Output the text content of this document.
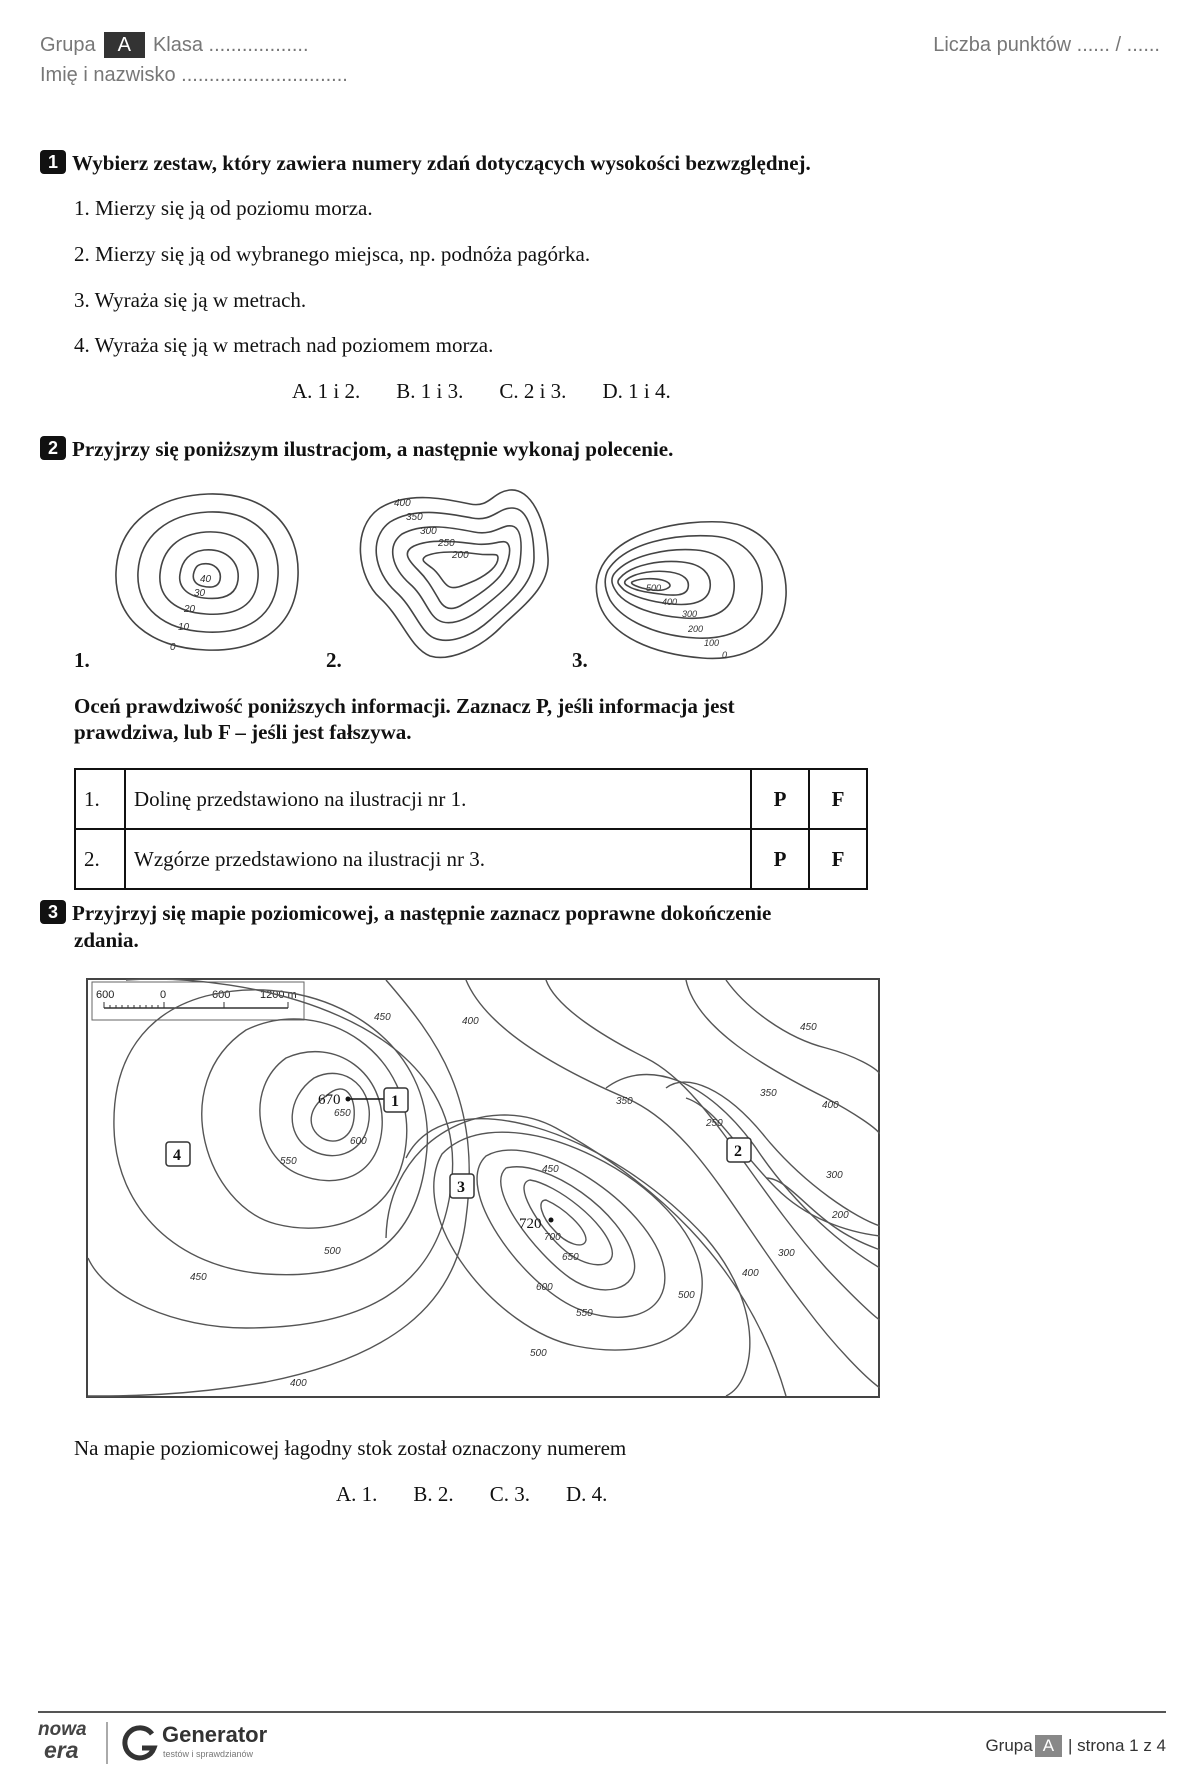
Grupa A Klasa ..................
Imię i nazwisko ..............................
Liczba punktów ...... / ......
1 Wybierz zestaw, który zawiera numery zdań dotyczących wysokości bezwzględnej.
1. Mierzy się ją od poziomu morza.
2. Mierzy się ją od wybranego miejsca, np. podnóża pagórka.
3. Wyraża się ją w metrach.
4. Wyraża się ją w metrach nad poziomem morza.
A. 1 i 2. B. 1 i 3. C. 2 i 3. D. 1 i 4.
2 Przyjrzy się poniższym ilustracjom, a następnie wykonaj polecenie.
40
30
20
10
0
400
350
300
250
200
500
400
300
200
100
0
1.	2.	3.
Oceń prawdziwość poniższych informacji. Zaznacz P, jeśli informacja jest
prawdziwa, lub F – jeśli jest fałszywa.
1.	Dolinę przedstawiono na ilustracji nr 1.	P	F
2.	Wzgórze przedstawiono na ilustracji nr 3.	P	F
3 Przyjrzyj się mapie poziomicowej, a następnie zaznacz poprawne dokończenie
zdania.
600	0	600	1200 m
670
720
450	400
450
350
650
600
550
500
450
400
450
700
650
600
550
500
500
250
350
300
200
400
300
400
1
2
3
4
Na mapie poziomicowej łagodny stok został oznaczony numerem
A. 1. B. 2. C. 3. D. 4.
nowa
era
Generator
testów i sprawdzianów	Grupa A | strona 1 z 4
